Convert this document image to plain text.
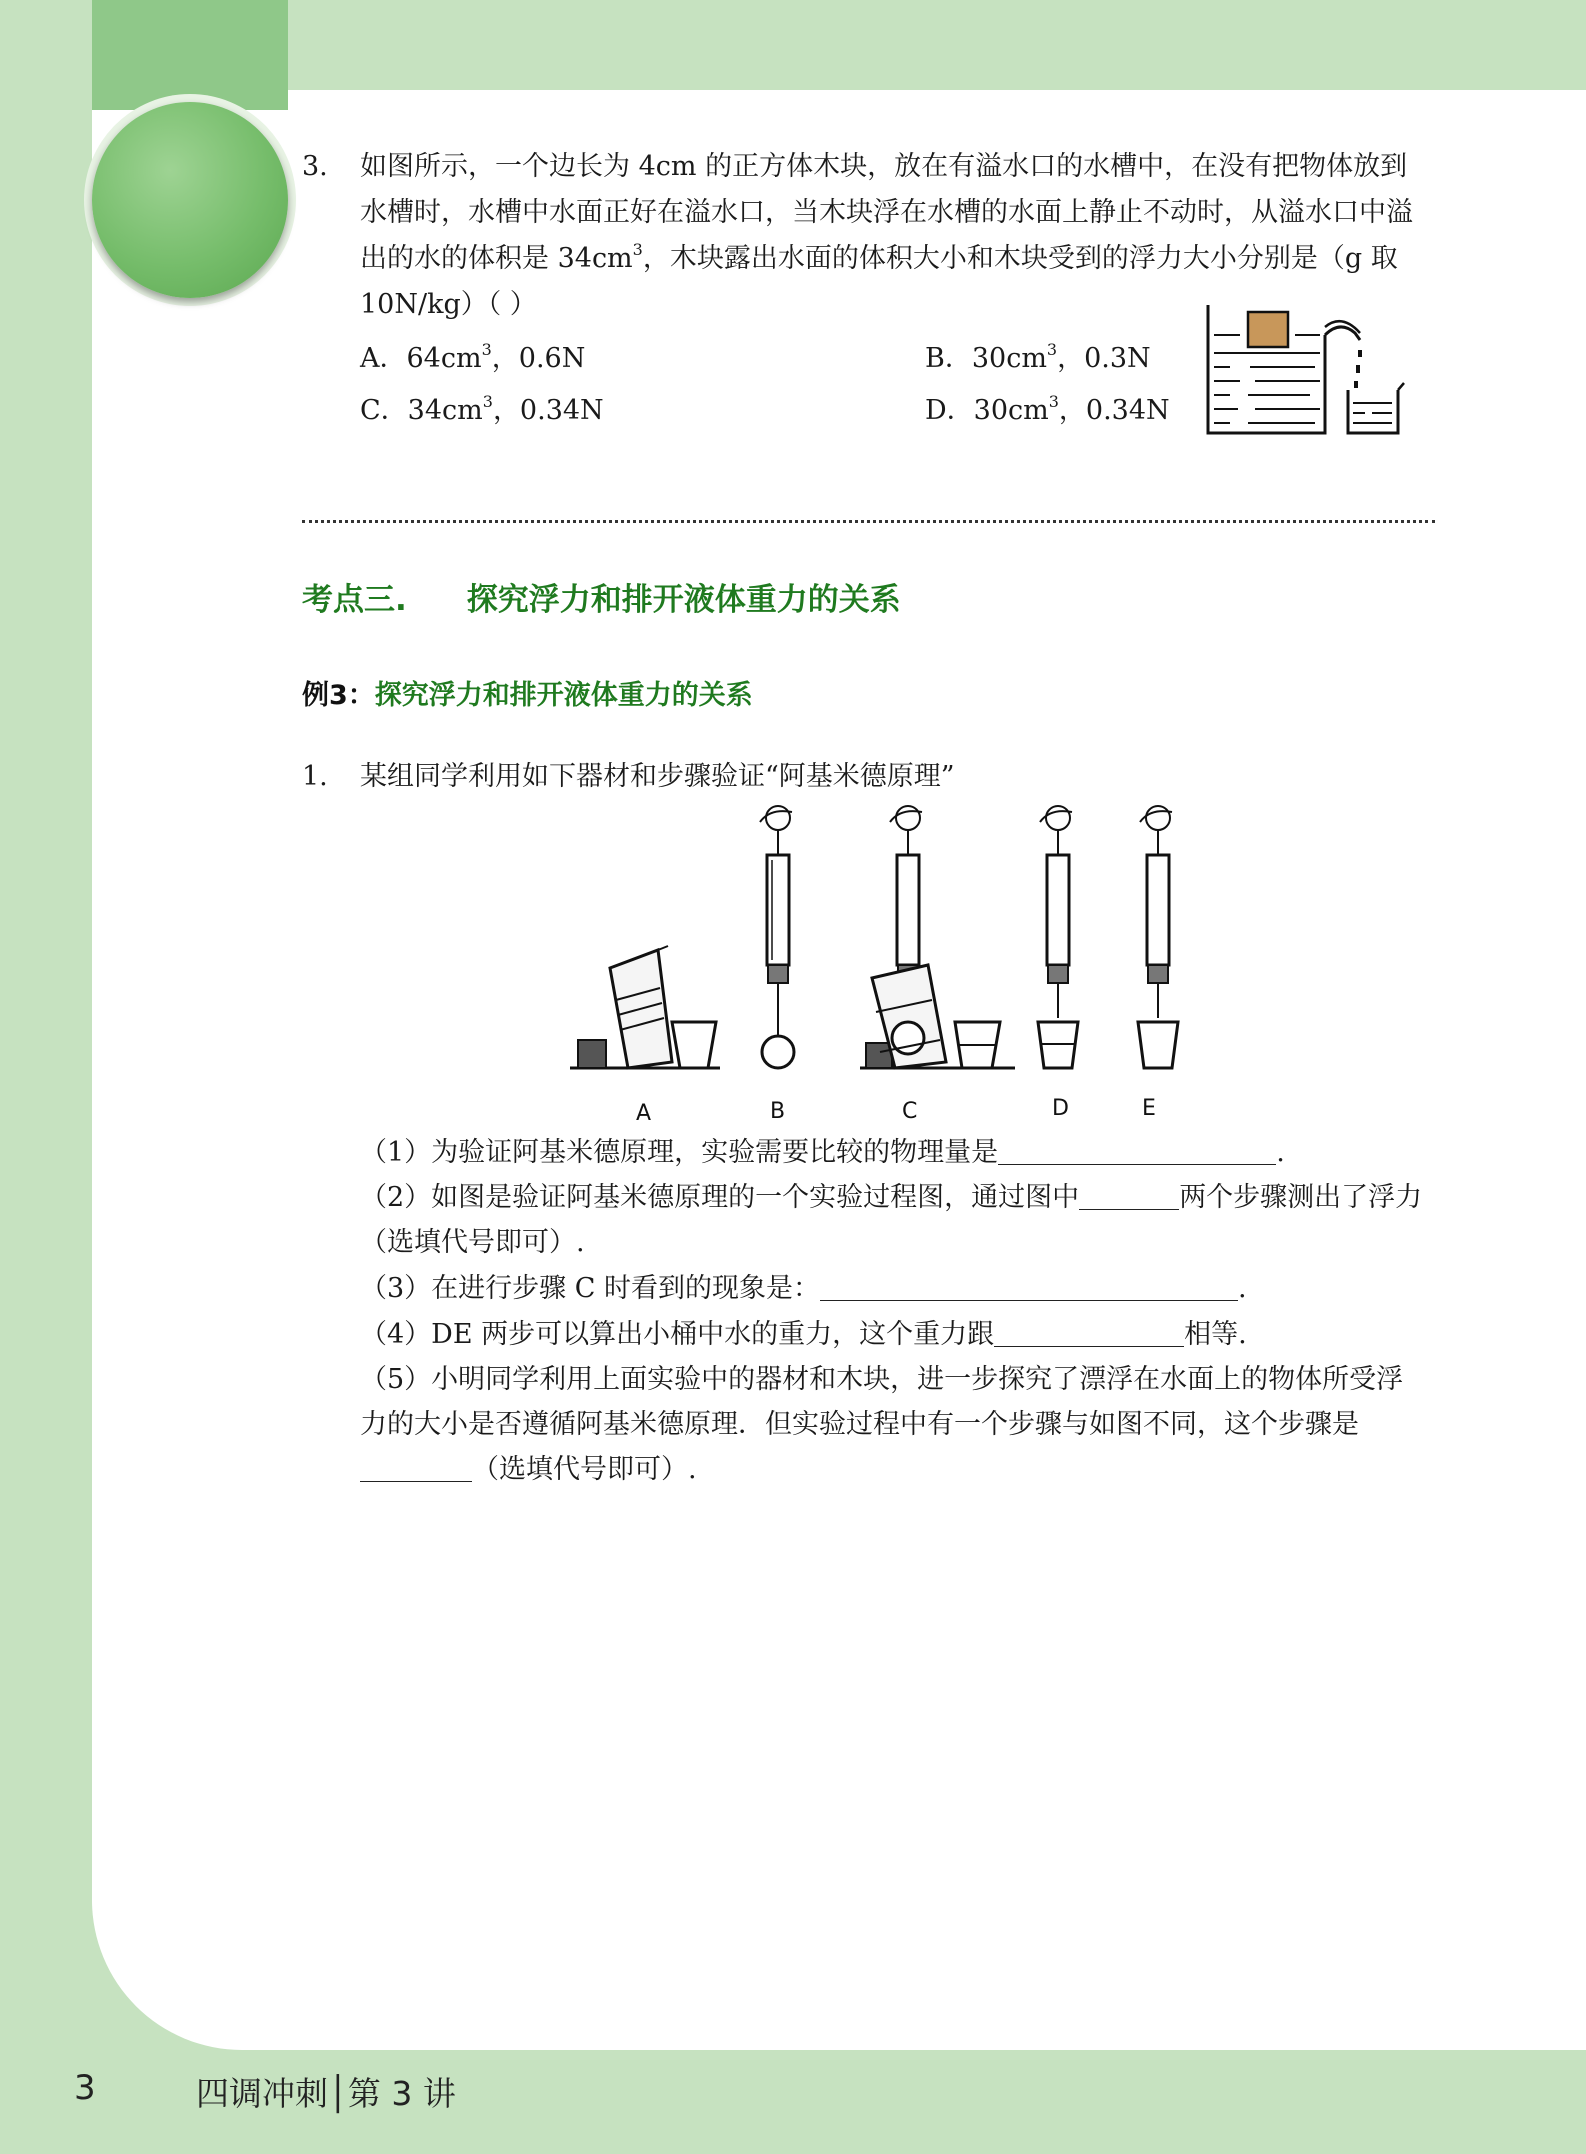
3. 如图所示，一个边长为 4cm 的正方体木块，放在有溢水口的水槽中，在没有把物体放到
水槽时，水槽中水面正好在溢水口，当木块浮在水槽的水面上静止不动时，从溢水口中溢
出的水的体积是 $34cm^3$，木块露出水面的体积大小和木块受到的浮力大小分别是（g 取
10N/kg）（ ）
A．$64cm^3$，0.6N	B．$30cm^3$，0.3N
C．$34cm^3$，0.34N	D．$30cm^3$，0.34N
考点三. 探究浮力和排开液体重力的关系
例3：探究浮力和排开液体重力的关系
1. 某组同学利用如下器材和步骤验证“阿基米德原理”
A	B	C	D	E
（1）为验证阿基米德原理，实验需要比较的物理量是	.
（2）如图是验证阿基米德原理的一个实验过程图，通过图中	两个步骤测出了浮力
（选填代号即可）.
（3）在进行步骤 C 时看到的现象是：	.
（4）DE 两步可以算出小桶中水的重力，这个重力跟	相等.
（5）小明同学利用上面实验中的器材和木块，进一步探究了漂浮在水面上的物体所受浮
力的大小是否遵循阿基米德原理．但实验过程中有一个步骤与如图不同，这个步骤是
（选填代号即可）.
3	四调冲刺│第 3 讲
